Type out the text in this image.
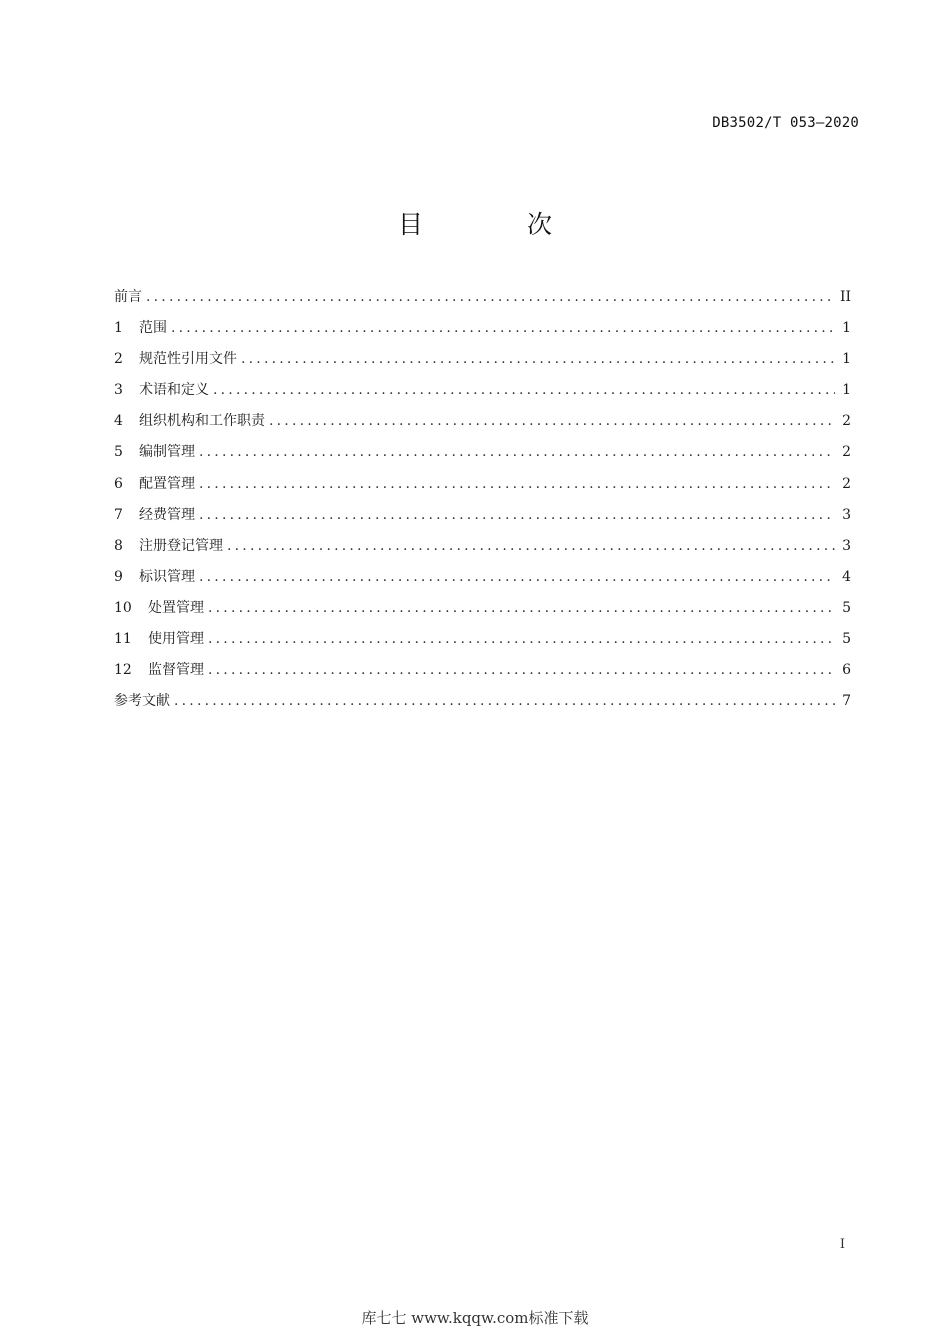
DB3502/T 053—2020
目 次
前言 .....	II
1	范围 .....	1
2	规范性引用文件 .....	1
3	术语和定义 .....	1
4	组织机构和工作职责 .....	2
5	编制管理 .....	2
6	配置管理 .....	2
7	经费管理 .....	3
8	注册登记管理 .....	3
9	标识管理 .....	4
10	处置管理 .....	5
11	使用管理 .....	5
12	监督管理 .....	6
参考文献 .....	7
I
库七七 www.kqqw.com标准下载
